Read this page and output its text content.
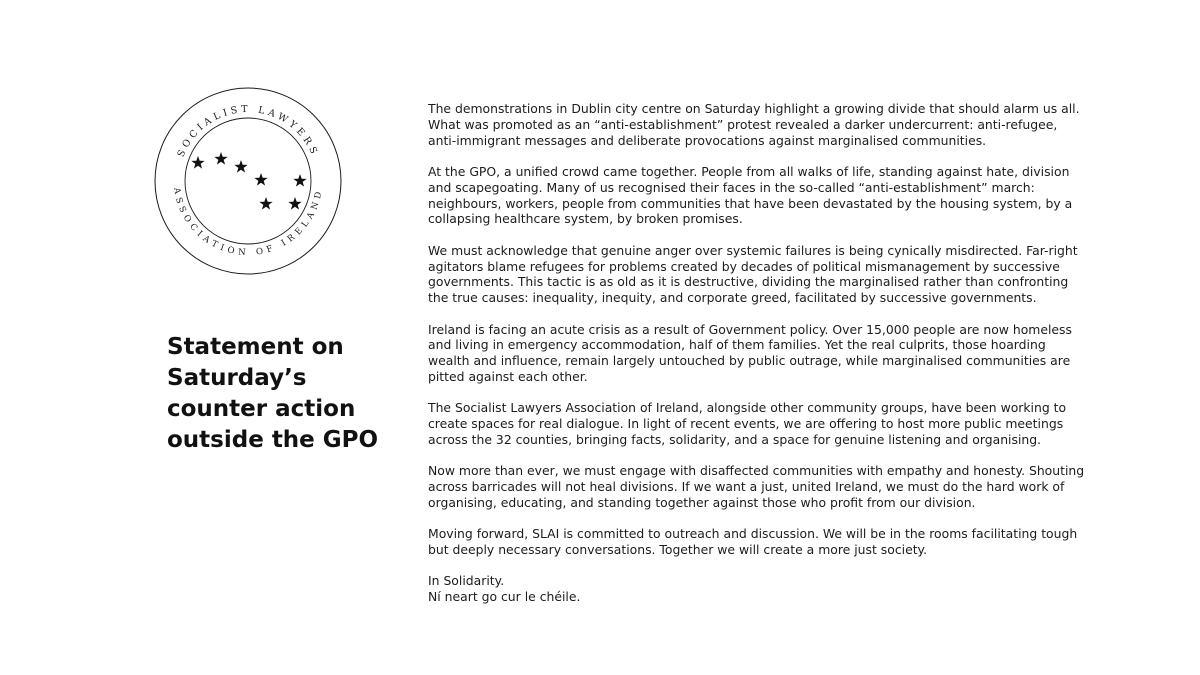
SOCIALIST LAWYERS
ASSOCIATION OF IRELAND
Statement on Saturday’s counter action outside the GPO

The demonstrations in Dublin city centre on Saturday highlight a growing divide that should alarm us all. What was promoted as an “anti-establishment” protest revealed a darker undercurrent: anti-refugee, anti-immigrant messages and deliberate provocations against marginalised communities.

At the GPO, a unified crowd came together. People from all walks of life, standing against hate, division and scapegoating. Many of us recognised their faces in the so-called “anti-establishment” march: neighbours, workers, people from communities that have been devastated by the housing system, by a collapsing healthcare system, by broken promises.

We must acknowledge that genuine anger over systemic failures is being cynically misdirected. Far-right agitators blame refugees for problems created by decades of political mismanagement by successive governments. This tactic is as old as it is destructive, dividing the marginalised rather than confronting the true causes: inequality, inequity, and corporate greed, facilitated by successive governments.

Ireland is facing an acute crisis as a result of Government policy. Over 15,000 people are now homeless and living in emergency accommodation, half of them families. Yet the real culprits, those hoarding wealth and influence, remain largely untouched by public outrage, while marginalised communities are pitted against each other.

The Socialist Lawyers Association of Ireland, alongside other community groups, have been working to create spaces for real dialogue. In light of recent events, we are offering to host more public meetings across the 32 counties, bringing facts, solidarity, and a space for genuine listening and organising.

Now more than ever, we must engage with disaffected communities with empathy and honesty. Shouting across barricades will not heal divisions. If we want a just, united Ireland, we must do the hard work of organising, educating, and standing together against those who profit from our division.

Moving forward, SLAI is committed to outreach and discussion. We will be in the rooms facilitating tough but deeply necessary conversations. Together we will create a more just society.

In Solidarity.
Ní neart go cur le chéile.
